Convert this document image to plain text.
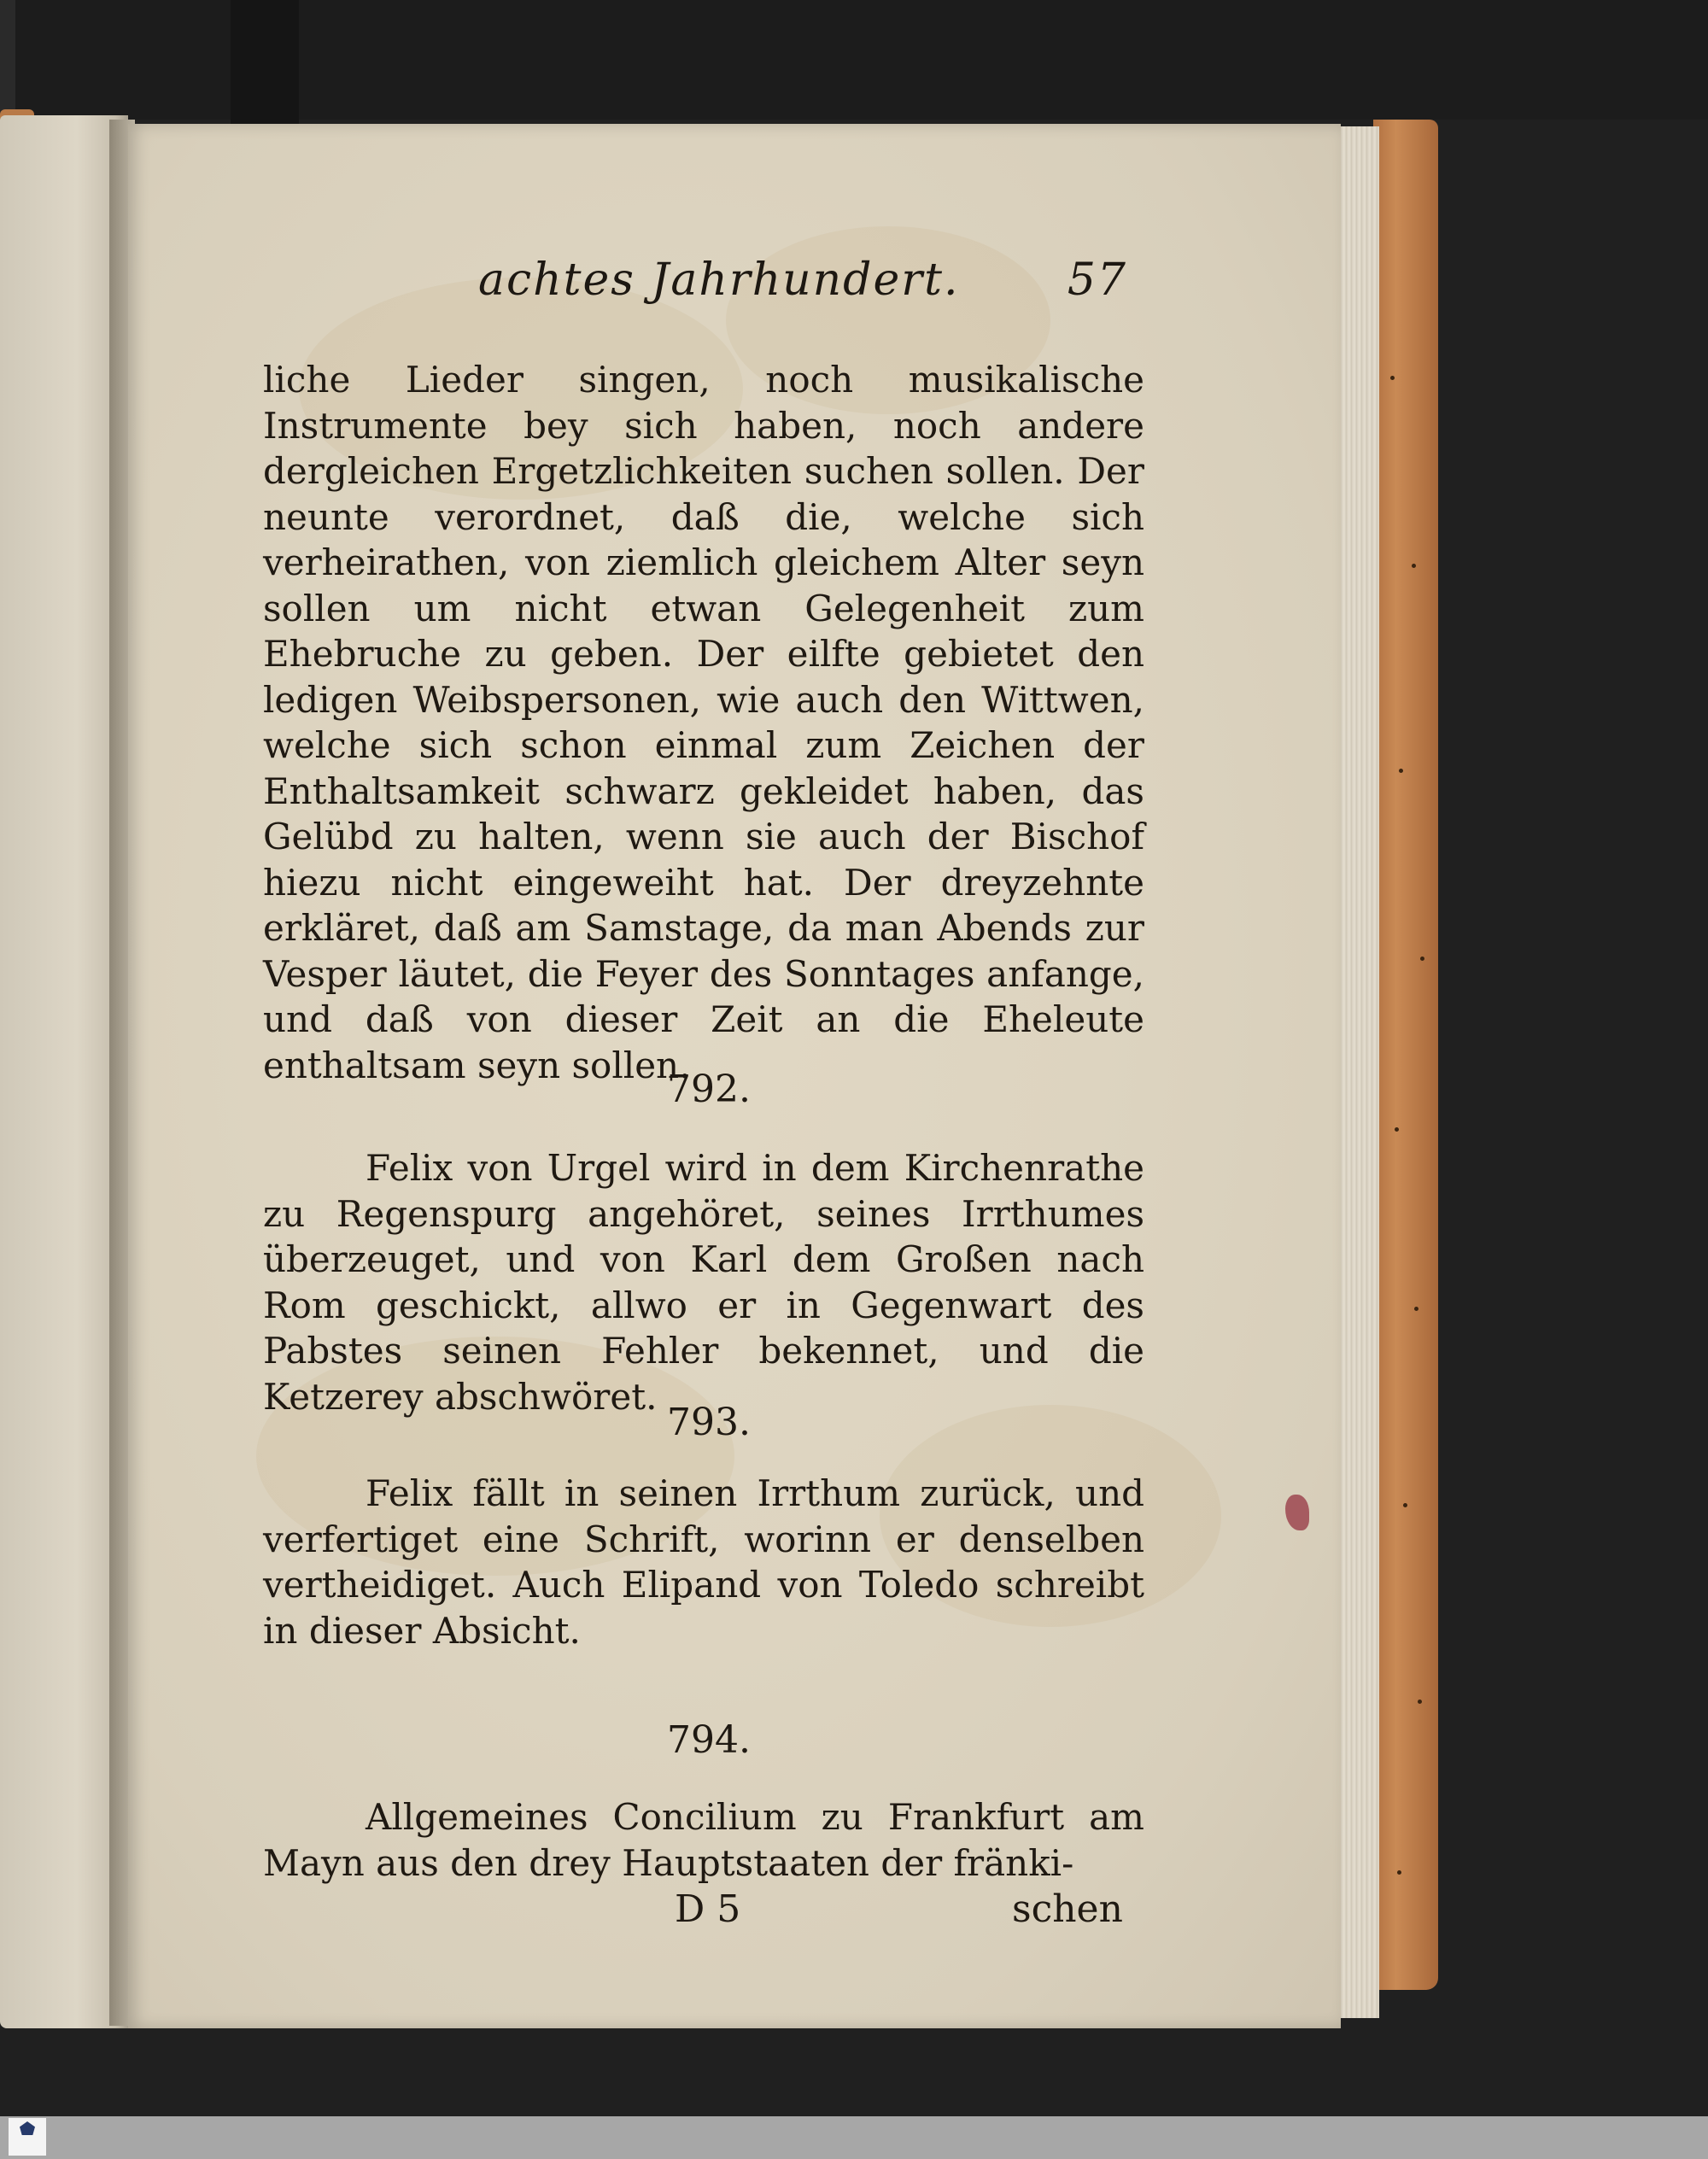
achtes Jahrhundert. 57
liche Lieder singen, noch musikalische Instrumente bey sich haben, noch andere dergleichen Ergetzlichkeiten suchen sollen. Der neunte verordnet, daß die, welche sich verheirathen, von ziemlich gleichem Alter seyn sollen um nicht etwan Gelegenheit zum Ehebruche zu geben. Der eilfte gebietet den ledigen Weibspersonen, wie auch den Wittwen, welche sich schon einmal zum Zeichen der Enthaltsamkeit schwarz gekleidet haben, das Gelübd zu halten, wenn sie auch der Bischof hiezu nicht eingeweiht hat. Der dreyzehnte erkläret, daß am Samstage, da man Abends zur Vesper läutet, die Feyer des Sonntages anfange, und daß von dieser Zeit an die Eheleute enthaltsam seyn sollen.
792.
Felix von Urgel wird in dem Kirchenrathe zu Regenspurg angehöret, seines Irrthumes überzeuget, und von Karl dem Großen nach Rom geschickt, allwo er in Gegenwart des Pabstes seinen Fehler bekennet, und die Ketzerey abschwöret.
793.
Felix fällt in seinen Irrthum zurück, und verfertiget eine Schrift, worinn er denselben vertheidiget. Auch Elipand von Toledo schreibt in dieser Absicht.
794.
Allgemeines Concilium zu Frankfurt am Mayn aus den drey Hauptstaaten der fränki-
D 5	schen
